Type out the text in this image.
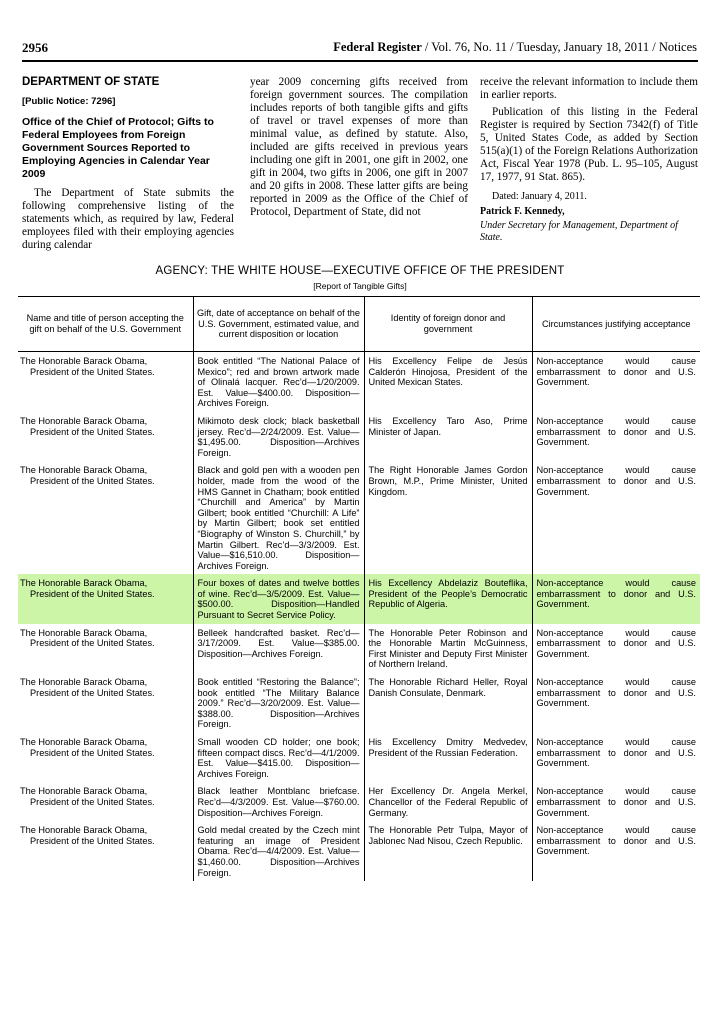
2956	Federal Register / Vol. 76, No. 11 / Tuesday, January 18, 2011 / Notices

DEPARTMENT OF STATE

[Public Notice: 7296]

Office of the Chief of Protocol; Gifts to Federal Employees from Foreign Government Sources Reported to Employing Agencies in Calendar Year 2009

The Department of State submits the following comprehensive listing of the statements which, as required by law, Federal employees filed with their employing agencies during calendar

year 2009 concerning gifts received from foreign government sources. The compilation includes reports of both tangible gifts and gifts of travel or travel expenses of more than minimal value, as defined by statute. Also, included are gifts received in previous years including one gift in 2001, one gift in 2002, one gift in 2004, two gifts in 2006, one gift in 2007 and 20 gifts in 2008. These latter gifts are being reported in 2009 as the Office of the Chief of Protocol, Department of State, did not

receive the relevant information to include them in earlier reports.

Publication of this listing in the Federal Register is required by Section 7342(f) of Title 5, United States Code, as added by Section 515(a)(1) of the Foreign Relations Authorization Act, Fiscal Year 1978 (Pub. L. 95–105, August 17, 1977, 91 Stat. 865).

Dated: January 4, 2011.

Patrick F. Kennedy,

Under Secretary for Management, Department of State.

AGENCY: THE WHITE HOUSE—EXECUTIVE OFFICE OF THE PRESIDENT
[Report of Tangible Gifts]
Name and title of person accepting the gift on behalf of the U.S. Government	Gift, date of acceptance on behalf of the U.S. Government, estimated value, and current disposition or location	Identity of foreign donor and government	Circumstances justifying acceptance

The Honorable Barack Obama, President of the United States.	Book entitled “The National Palace of Mexico”; red and brown artwork made of Olinalá lacquer. Rec’d—1/20/2009. Est. Value—$400.00. Disposition—Archives Foreign.	His Excellency Felipe de Jesús Calderón Hinojosa, President of the United Mexican States.	Non-acceptance would cause embarrassment to donor and U.S. Government.

The Honorable Barack Obama, President of the United States.	Mikimoto desk clock; black basketball jersey. Rec’d—2/24/2009. Est. Value—$1,495.00. Disposition—Archives Foreign.	His Excellency Taro Aso, Prime Minister of Japan.	Non-acceptance would cause embarrassment to donor and U.S. Government.

The Honorable Barack Obama, President of the United States.	Black and gold pen with a wooden pen holder, made from the wood of the HMS Gannet in Chatham; book entitled “Churchill and America” by Martin Gilbert; book entitled “Churchill: A Life” by Martin Gilbert; book set entitled “Biography of Winston S. Churchill,” by Martin Gilbert. Rec’d—3/3/2009. Est. Value—$16,510.00. Disposition—Archives Foreign.	The Right Honorable James Gordon Brown, M.P., Prime Minister, United Kingdom.	Non-acceptance would cause embarrassment to donor and U.S. Government.

The Honorable Barack Obama, President of the United States.	Four boxes of dates and twelve bottles of wine. Rec’d—3/5/2009. Est. Value—$500.00. Disposition—Handled Pursuant to Secret Service Policy.	His Excellency Abdelaziz Bouteflika, President of the People’s Democratic Republic of Algeria.	Non-acceptance would cause embarrassment to donor and U.S. Government.

The Honorable Barack Obama, President of the United States.	Belleek handcrafted basket. Rec’d—3/17/2009. Est. Value—$385.00. Disposition—Archives Foreign.	The Honorable Peter Robinson and the Honorable Martin McGuinness, First Minister and Deputy First Minister of Northern Ireland.	Non-acceptance would cause embarrassment to donor and U.S. Government.

The Honorable Barack Obama, President of the United States.	Book entitled “Restoring the Balance”; book entitled “The Military Balance 2009.” Rec’d—3/20/2009. Est. Value—$388.00. Disposition—Archives Foreign.	The Honorable Richard Heller, Royal Danish Consulate, Denmark.	Non-acceptance would cause embarrassment to donor and U.S. Government.

The Honorable Barack Obama, President of the United States.	Small wooden CD holder; one book; fifteen compact discs. Rec’d—4/1/2009. Est. Value—$415.00. Disposition—Archives Foreign.	His Excellency Dmitry Medvedev, President of the Russian Federation.	Non-acceptance would cause embarrassment to donor and U.S. Government.

The Honorable Barack Obama, President of the United States.	Black leather Montblanc briefcase. Rec’d—4/3/2009. Est. Value—$760.00. Disposition—Archives Foreign.	Her Excellency Dr. Angela Merkel, Chancellor of the Federal Republic of Germany.	Non-acceptance would cause embarrassment to donor and U.S. Government.

The Honorable Barack Obama, President of the United States.	Gold medal created by the Czech mint featuring an image of President Obama. Rec’d—4/4/2009. Est. Value—$1,460.00. Disposition—Archives Foreign.	The Honorable Petr Tulpa, Mayor of Jablonec Nad Nisou, Czech Republic.	Non-acceptance would cause embarrassment to donor and U.S. Government.
